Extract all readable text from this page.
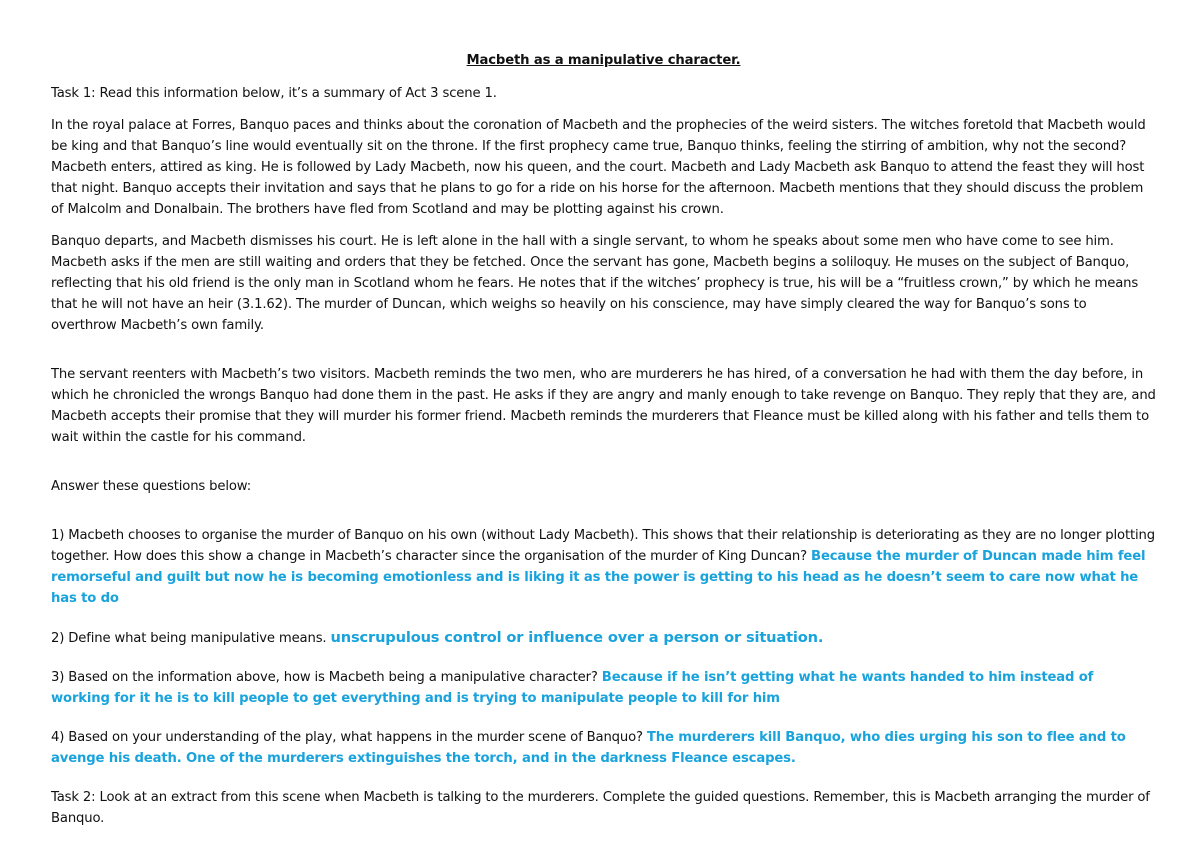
Macbeth as a manipulative character.

Task 1: Read this information below, it’s a summary of Act 3 scene 1.

In the royal palace at Forres, Banquo paces and thinks about the coronation of Macbeth and the prophecies of the weird sisters. The witches foretold that Macbeth would be king and that Banquo’s line would eventually sit on the throne. If the first prophecy came true, Banquo thinks, feeling the stirring of ambition, why not the second? Macbeth enters, attired as king. He is followed by Lady Macbeth, now his queen, and the court. Macbeth and Lady Macbeth ask Banquo to attend the feast they will host that night. Banquo accepts their invitation and says that he plans to go for a ride on his horse for the afternoon. Macbeth mentions that they should discuss the problem of Malcolm and Donalbain. The brothers have fled from Scotland and may be plotting against his crown.

Banquo departs, and Macbeth dismisses his court. He is left alone in the hall with a single servant, to whom he speaks about some men who have come to see him. Macbeth asks if the men are still waiting and orders that they be fetched. Once the servant has gone, Macbeth begins a soliloquy. He muses on the subject of Banquo, reflecting that his old friend is the only man in Scotland whom he fears. He notes that if the witches’ prophecy is true, his will be a “fruitless crown,” by which he means that he will not have an heir (3.1.62). The murder of Duncan, which weighs so heavily on his conscience, may have simply cleared the way for Banquo’s sons to overthrow Macbeth’s own family.

The servant reenters with Macbeth’s two visitors. Macbeth reminds the two men, who are murderers he has hired, of a conversation he had with them the day before, in which he chronicled the wrongs Banquo had done them in the past. He asks if they are angry and manly enough to take revenge on Banquo. They reply that they are, and Macbeth accepts their promise that they will murder his former friend. Macbeth reminds the murderers that Fleance must be killed along with his father and tells them to wait within the castle for his command.

Answer these questions below:

1) Macbeth chooses to organise the murder of Banquo on his own (without Lady Macbeth). This shows that their relationship is deteriorating as they are no longer plotting together. How does this show a change in Macbeth’s character since the organisation of the murder of King Duncan? Because the murder of Duncan made him feel remorseful and guilt but now he is becoming emotionless and is liking it as the power is getting to his head as he doesn’t seem to care now what he has to do

2) Define what being manipulative means. unscrupulous control or influence over a person or situation.

3) Based on the information above, how is Macbeth being a manipulative character? Because if he isn’t getting what he wants handed to him instead of working for it he is to kill people to get everything and is trying to manipulate people to kill for him

4) Based on your understanding of the play, what happens in the murder scene of Banquo? The murderers kill Banquo, who dies urging his son to flee and to avenge his death. One of the murderers extinguishes the torch, and in the darkness Fleance escapes.

Task 2: Look at an extract from this scene when Macbeth is talking to the murderers. Complete the guided questions. Remember, this is Macbeth arranging the murder of Banquo.
